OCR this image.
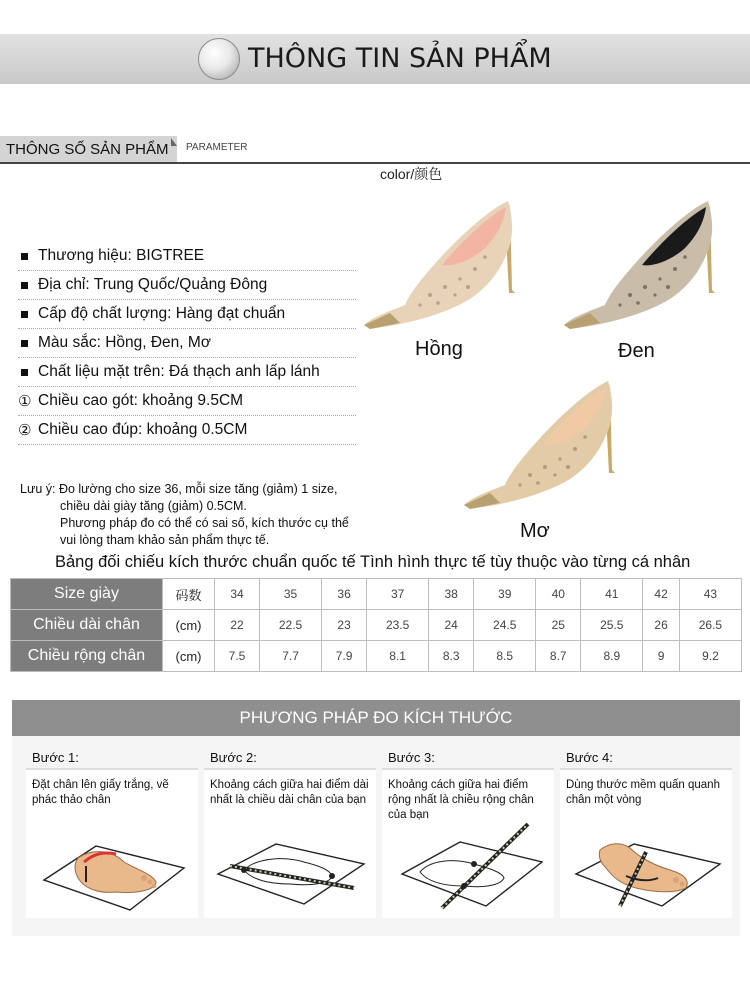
THÔNG TIN SẢN PHẨM
THÔNG SỐ SẢN PHẨM	PARAMETER
Thương hiệu: BIGTREE
Địa chỉ: Trung Quốc/Quảng Đông
Cấp độ chất lượng: Hàng đạt chuẩn
Màu sắc: Hồng, Đen, Mơ
Chất liệu mặt trên: Đá thạch anh lấp lánh
① Chiều cao gót: khoảng 9.5CM
② Chiều cao đúp: khoảng 0.5CM
color/颜色
Hồng	Đen
Mơ
Lưu ý: Đo lường cho size 36, mỗi size tăng (giảm) 1 size,
chiều dài giày tăng (giảm) 0.5CM.
Phương pháp đo có thể có sai số, kích thước cụ thể
vui lòng tham khảo sản phẩm thực tế.
Bảng đối chiếu kích thước chuẩn quốc tế Tình hình thực tế tùy thuộc vào từng cá nhân
Size giày	码数	34	35	36	37	38	39	40	41	42	43
Chiều dài chân	(cm)	22	22.5	23	23.5	24	24.5	25	25.5	26	26.5
Chiều rộng chân	(cm)	7.5	7.7	7.9	8.1	8.3	8.5	8.7	8.9	9	9.2
PHƯƠNG PHÁP ĐO KÍCH THƯỚC
Bước 1:
Đặt chân lên giấy trắng, vẽ phác thảo chân
Bước 2:
Khoảng cách giữa hai điểm dài nhất là chiều dài chân của bạn
Bước 3:
Khoảng cách giữa hai điểm rộng nhất là chiều rộng chân của bạn
Bước 4:
Dùng thước mềm quấn quanh chân một vòng
